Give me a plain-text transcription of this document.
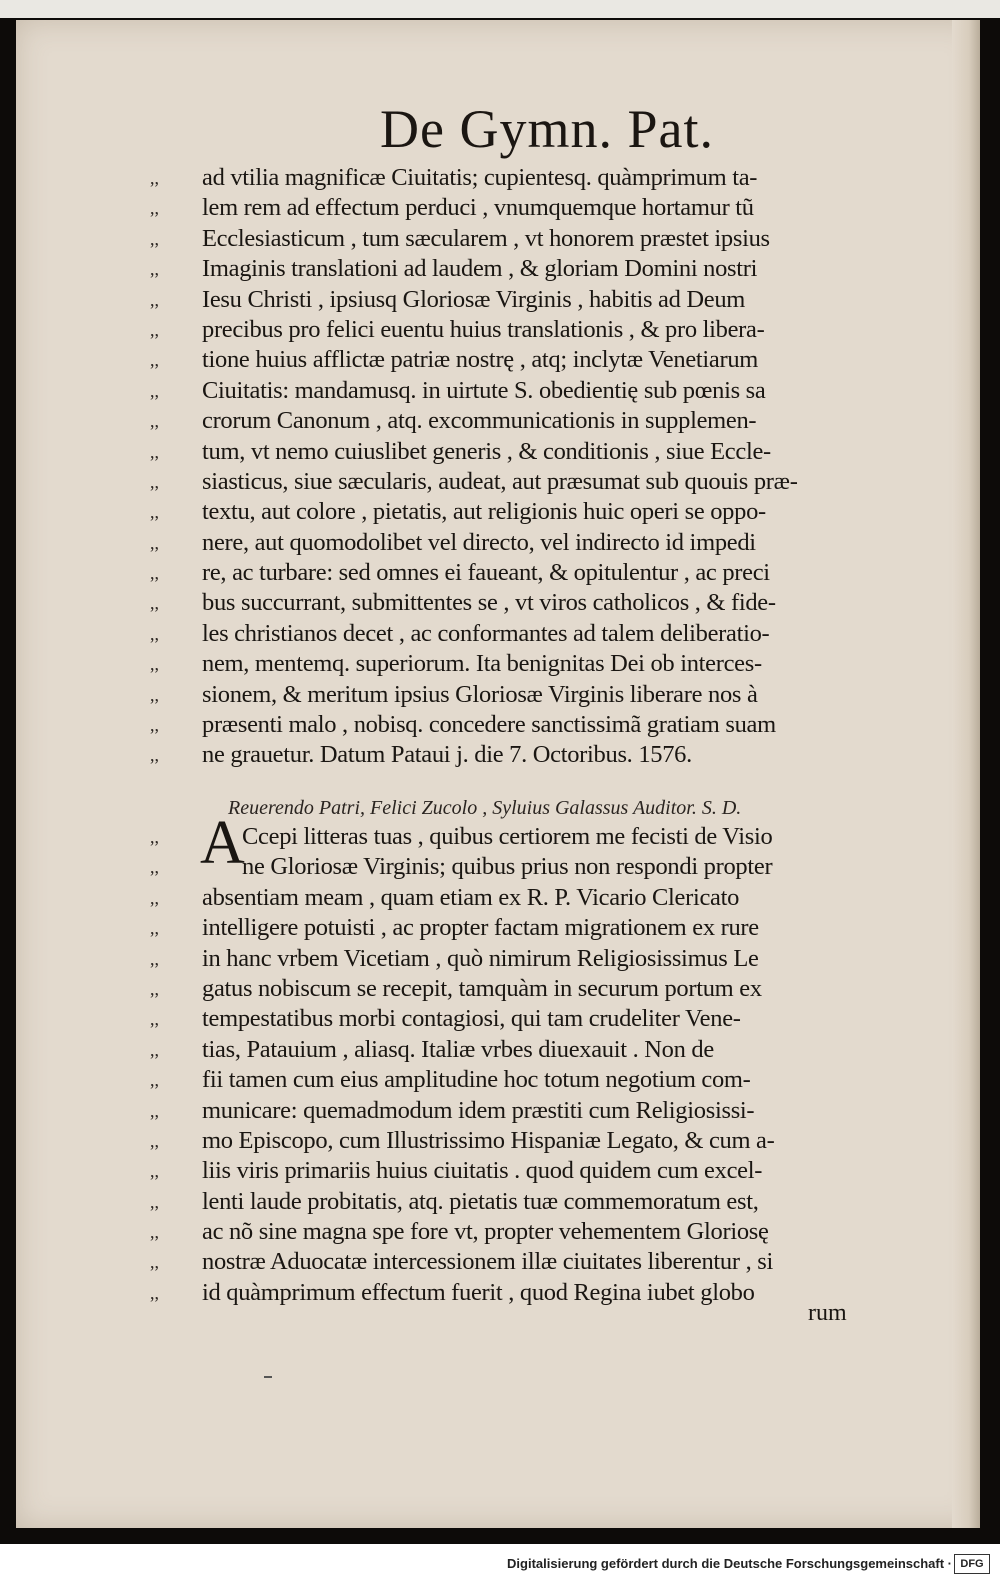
De Gymn. Pat.
,,	ad vtilia magnificæ Ciuitatis; cupientesq. quàmprimum ta-
,,	lem rem ad effectum perduci , vnumquemque hortamur tũ
,,	Ecclesiasticum , tum sæcularem , vt honorem præstet ipsius
,,	Imaginis translationi ad laudem , & gloriam Domini nostri
,,	Iesu Christi , ipsiusq Gloriosæ Virginis , habitis ad Deum
,,	precibus pro felici euentu huius translationis , & pro libera-
,,	tione huius afflictæ patriæ nostrę , atq; inclytæ Venetiarum
,,	Ciuitatis: mandamusq. in uirtute S. obedientię sub pœnis sa
,,	crorum Canonum , atq. excommunicationis in supplemen-
,,	tum, vt nemo cuiuslibet generis , & conditionis , siue Eccle-
,,	siasticus, siue sæcularis, audeat, aut præsumat sub quouis præ-
,,	textu, aut colore , pietatis, aut religionis huic operi se oppo-
,,	nere, aut quomodolibet vel directo, vel indirecto id impedi
,,	re, ac turbare: sed omnes ei faueant, & opitulentur , ac preci
,,	bus succurrant, submittentes se , vt viros catholicos , & fide-
,,	les christianos decet , ac conformantes ad talem deliberatio-
,,	nem, mentemq. superiorum. Ita benignitas Dei ob interces-
,,	sionem, & meritum ipsius Gloriosæ Virginis liberare nos à
,,	præsenti malo , nobisq. concedere sanctissimã gratiam suam
,,	ne grauetur. Datum Pataui j. die 7. Octoribus. 1576.
Reuerendo Patri, Felici Zucolo , Syluius Galassus Auditor. S. D.
A
,,	Ccepi litteras tuas , quibus certiorem me fecisti de Visio
,,	ne Gloriosæ Virginis; quibus prius non respondi propter
,,	absentiam meam , quam etiam ex R. P. Vicario Clericato
,,	intelligere potuisti , ac propter factam migrationem ex rure
,,	in hanc vrbem Vicetiam , quò nimirum Religiosissimus Le
,,	gatus nobiscum se recepit, tamquàm in securum portum ex
,,	tempestatibus morbi contagiosi, qui tam crudeliter Vene-
,,	tias, Patauium , aliasq. Italiæ vrbes diuexauit . Non de
,,	fii tamen cum eius amplitudine hoc totum negotium com-
,,	municare: quemadmodum idem præstiti cum Religiosissi-
,,	mo Episcopo, cum Illustrissimo Hispaniæ Legato, & cum a-
,,	liis viris primariis huius ciuitatis . quod quidem cum excel-
,,	lenti laude probitatis, atq. pietatis tuæ commemoratum est,
,,	ac nõ sine magna spe fore vt, propter vehementem Gloriosę
,,	nostræ Aduocatæ intercessionem illæ ciuitates liberentur , si
,,	id quàmprimum effectum fuerit , quod Regina iubet globo
rum
Digitalisierung gefördert durch die Deutsche Forschungsgemeinschaft · DFG
